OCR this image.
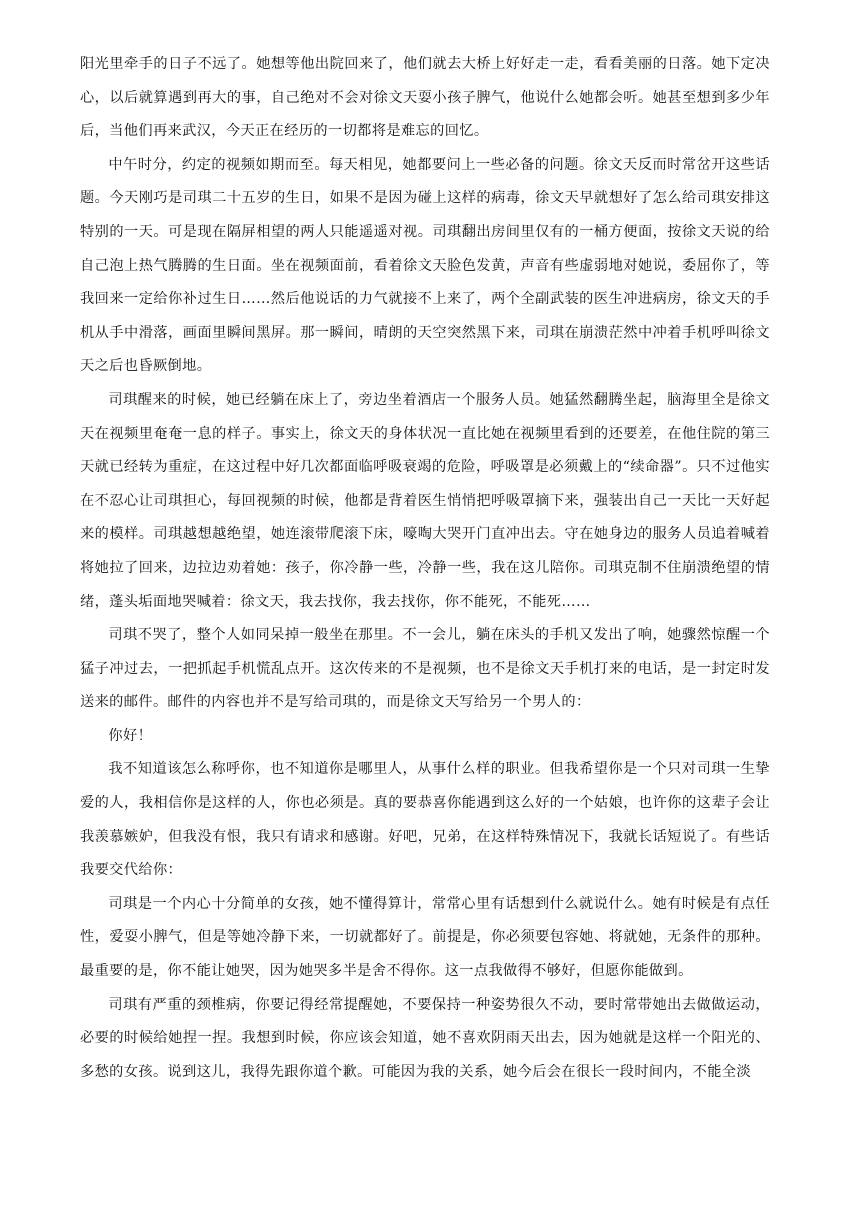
阳光里牵手的日子不远了。她想等他出院回来了，他们就去大桥上好好走一走，看看美丽的日落。她下定决心，以后就算遇到再大的事，自己绝对不会对徐文天耍小孩子脾气，他说什么她都会听。她甚至想到多少年后，当他们再来武汉，今天正在经历的一切都将是难忘的回忆。

中午时分，约定的视频如期而至。每天相见，她都要问上一些必备的问题。徐文天反而时常岔开这些话题。今天刚巧是司琪二十五岁的生日，如果不是因为碰上这样的病毒，徐文天早就想好了怎么给司琪安排这特别的一天。可是现在隔屏相望的两人只能遥遥对视。司琪翻出房间里仅有的一桶方便面，按徐文天说的给自己泡上热气腾腾的生日面。坐在视频面前，看着徐文天脸色发黄，声音有些虚弱地对她说，委屈你了，等我回来一定给你补过生日……然后他说话的力气就接不上来了，两个全副武装的医生冲进病房，徐文天的手机从手中滑落，画面里瞬间黑屏。那一瞬间，晴朗的天空突然黑下来，司琪在崩溃茫然中冲着手机呼叫徐文天之后也昏厥倒地。

司琪醒来的时候，她已经躺在床上了，旁边坐着酒店一个服务人员。她猛然翻腾坐起，脑海里全是徐文天在视频里奄奄一息的样子。事实上，徐文天的身体状况一直比她在视频里看到的还要差，在他住院的第三天就已经转为重症，在这过程中好几次都面临呼吸衰竭的危险，呼吸罩是必须戴上的“续命器”。只不过他实在不忍心让司琪担心，每回视频的时候，他都是背着医生悄悄把呼吸罩摘下来，强装出自己一天比一天好起来的模样。司琪越想越绝望，她连滚带爬滚下床，嚎啕大哭开门直冲出去。守在她身边的服务人员追着喊着将她拉了回来，边拉边劝着她：孩子，你冷静一些，冷静一些，我在这儿陪你。司琪克制不住崩溃绝望的情绪，蓬头垢面地哭喊着：徐文天，我去找你，我去找你，你不能死，不能死……

司琪不哭了，整个人如同呆掉一般坐在那里。不一会儿，躺在床头的手机又发出了响，她骤然惊醒一个猛子冲过去，一把抓起手机慌乱点开。这次传来的不是视频，也不是徐文天手机打来的电话，是一封定时发送来的邮件。邮件的内容也并不是写给司琪的，而是徐文天写给另一个男人的：

你好！

我不知道该怎么称呼你，也不知道你是哪里人，从事什么样的职业。但我希望你是一个只对司琪一生挚爱的人，我相信你是这样的人，你也必须是。真的要恭喜你能遇到这么好的一个姑娘，也许你的这辈子会让我羡慕嫉妒，但我没有恨，我只有请求和感谢。好吧，兄弟，在这样特殊情况下，我就长话短说了。有些话我要交代给你：

司琪是一个内心十分简单的女孩，她不懂得算计，常常心里有话想到什么就说什么。她有时候是有点任性，爱耍小脾气，但是等她冷静下来，一切就都好了。前提是，你必须要包容她、将就她，无条件的那种。最重要的是，你不能让她哭，因为她哭多半是舍不得你。这一点我做得不够好，但愿你能做到。

司琪有严重的颈椎病，你要记得经常提醒她，不要保持一种姿势很久不动，要时常带她出去做做运动，必要的时候给她捏一捏。我想到时候，你应该会知道，她不喜欢阴雨天出去，因为她就是这样一个阳光的、多愁的女孩。说到这儿，我得先跟你道个歉。可能因为我的关系，她今后会在很长一段时间内，不能全淡
